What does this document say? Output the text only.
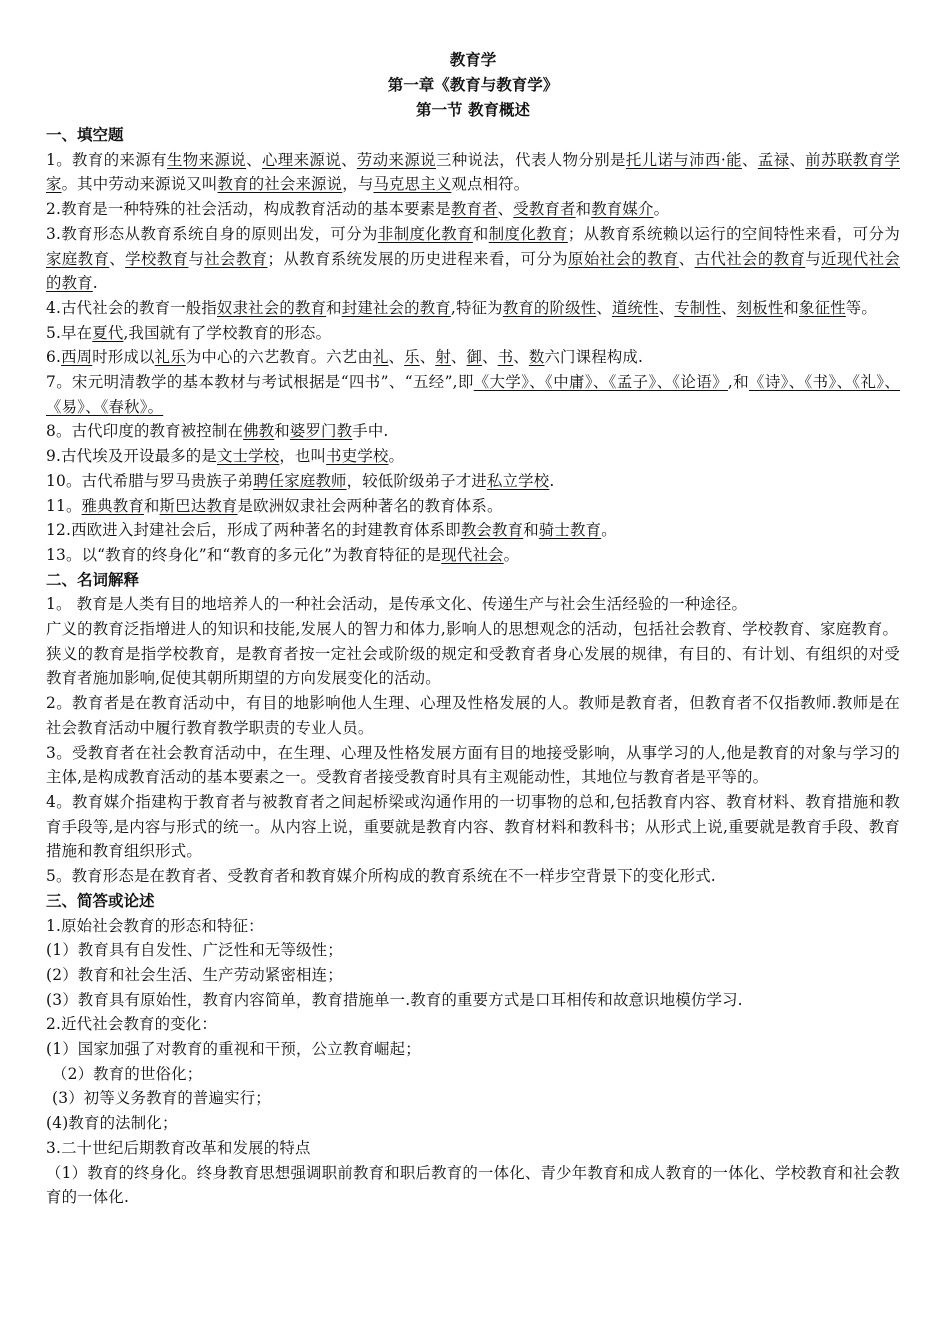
教育学
第一章《教育与教育学》
第一节 教育概述
一、填空题

1。教育的来源有生物来源说、心理来源说、劳动来源说三种说法，代表人物分别是托儿诺与沛西·能、孟禄、前苏联教育学家。其中劳动来源说又叫教育的社会来源说，与马克思主义观点相符。

2.教育是一种特殊的社会活动，构成教育活动的基本要素是教育者、受教育者和教育媒介。

3.教育形态从教育系统自身的原则出发，可分为非制度化教育和制度化教育；从教育系统赖以运行的空间特性来看，可分为家庭教育、学校教育与社会教育；从教育系统发展的历史进程来看，可分为原始社会的教育、古代社会的教育与近现代社会的教育.

4.古代社会的教育一般指奴隶社会的教育和封建社会的教育,特征为教育的阶级性、道统性、专制性、刻板性和象征性等。

5.早在夏代,我国就有了学校教育的形态。

6.西周时形成以礼乐为中心的六艺教育。六艺由礼、乐、射、御、书、数六门课程构成.

7。宋元明清教学的基本教材与考试根据是“四书”、“五经”,即《大学》、《中庸》、《孟子》、《论语》,和《诗》、《书》、《礼》、《易》、《春秋》。

8。古代印度的教育被控制在佛教和婆罗门教手中.

9.古代埃及开设最多的是文士学校，也叫书吏学校。

10。古代希腊与罗马贵族子弟聘任家庭教师，较低阶级弟子才进私立学校.

11。雅典教育和斯巴达教育是欧洲奴隶社会两种著名的教育体系。

12.西欧进入封建社会后，形成了两种著名的封建教育体系即教会教育和骑士教育。

13。以“教育的终身化”和“教育的多元化”为教育特征的是现代社会。

二、名词解释

1。 教育是人类有目的地培养人的一种社会活动，是传承文化、传递生产与社会生活经验的一种途径。

广义的教育泛指增进人的知识和技能,发展人的智力和体力,影响人的思想观念的活动，包括社会教育、学校教育、家庭教育。

狭义的教育是指学校教育，是教育者按一定社会或阶级的规定和受教育者身心发展的规律，有目的、有计划、有组织的对受教育者施加影响,促使其朝所期望的方向发展变化的活动。

2。教育者是在教育活动中，有目的地影响他人生理、心理及性格发展的人。教师是教育者，但教育者不仅指教师.教师是在社会教育活动中履行教育教学职责的专业人员。

3。受教育者在社会教育活动中，在生理、心理及性格发展方面有目的地接受影响，从事学习的人,他是教育的对象与学习的主体,是构成教育活动的基本要素之一。受教育者接受教育时具有主观能动性，其地位与教育者是平等的。

4。教育媒介指建构于教育者与被教育者之间起桥梁或沟通作用的一切事物的总和,包括教育内容、教育材料、教育措施和教育手段等,是内容与形式的统一。从内容上说，重要就是教育内容、教育材料和教科书；从形式上说,重要就是教育手段、教育措施和教育组织形式。

5。教育形态是在教育者、受教育者和教育媒介所构成的教育系统在不一样步空背景下的变化形式.

三、简答或论述

1.原始社会教育的形态和特征：

(1）教育具有自发性、广泛性和无等级性；

(2）教育和社会生活、生产劳动紧密相连；

(3）教育具有原始性，教育内容简单，教育措施单一.教育的重要方式是口耳相传和故意识地模仿学习.

2.近代社会教育的变化：

(1）国家加强了对教育的重视和干预，公立教育崛起；

（2）教育的世俗化；

(3）初等义务教育的普遍实行；

(4)教育的法制化；

3.二十世纪后期教育改革和发展的特点

（1）教育的终身化。终身教育思想强调职前教育和职后教育的一体化、青少年教育和成人教育的一体化、学校教育和社会教育的一体化.
